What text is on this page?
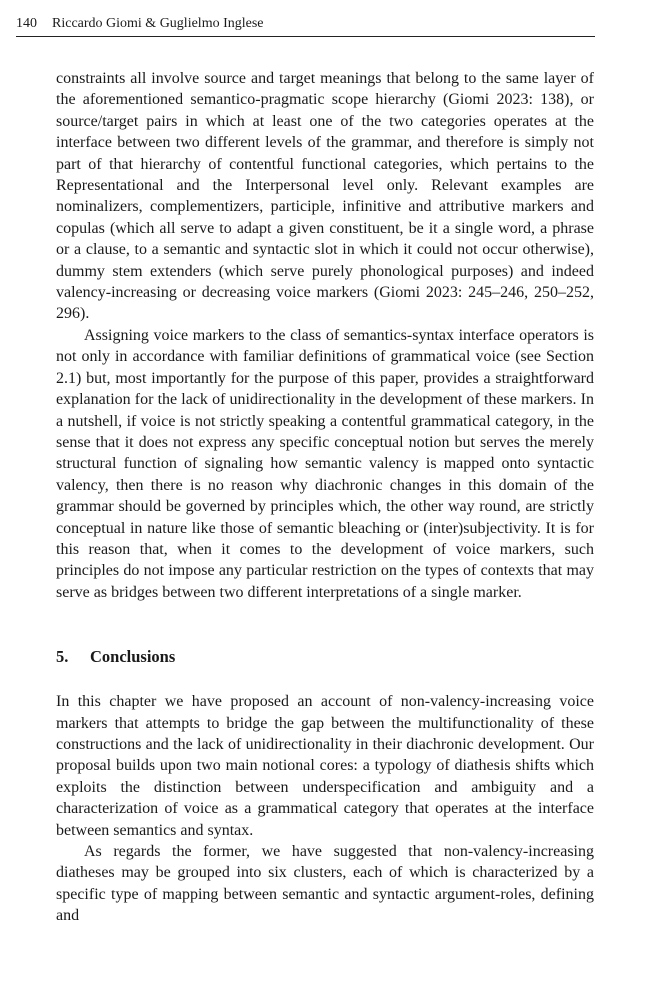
140 Riccardo Giomi & Guglielmo Inglese

constraints all involve source and target meanings that belong to the same layer of the aforementioned semantico-pragmatic scope hierarchy (Giomi 2023: 138), or source/target pairs in which at least one of the two categories operates at the interface between two different levels of the grammar, and therefore is simply not part of that hierarchy of contentful functional categories, which pertains to the Representational and the Interpersonal level only. Relevant examples are nominalizers, complementizers, participle, infinitive and attributive markers and copulas (which all serve to adapt a given constituent, be it a single word, a phrase or a clause, to a semantic and syntactic slot in which it could not occur otherwise), dummy stem extenders (which serve purely phonological purposes) and indeed valency-increasing or decreasing voice markers (Giomi 2023: 245–246, 250–252, 296).

Assigning voice markers to the class of semantics-syntax interface operators is not only in accordance with familiar definitions of grammatical voice (see Section 2.1) but, most importantly for the purpose of this paper, provides a straightforward explanation for the lack of unidirectionality in the development of these markers. In a nutshell, if voice is not strictly speaking a contentful grammatical category, in the sense that it does not express any specific conceptual notion but serves the merely structural function of signaling how semantic valency is mapped onto syntactic valency, then there is no reason why diachronic changes in this domain of the grammar should be governed by principles which, the other way round, are strictly conceptual in nature like those of semantic bleaching or (inter)subjectivity. It is for this reason that, when it comes to the development of voice markers, such principles do not impose any particular restriction on the types of contexts that may serve as bridges between two different interpretations of a single marker.

5. Conclusions

In this chapter we have proposed an account of non-valency-increasing voice markers that attempts to bridge the gap between the multifunctionality of these constructions and the lack of unidirectionality in their diachronic development. Our proposal builds upon two main notional cores: a typology of diathesis shifts which exploits the distinction between underspecification and ambiguity and a characterization of voice as a grammatical category that operates at the interface between semantics and syntax.

As regards the former, we have suggested that non-valency-increasing diatheses may be grouped into six clusters, each of which is characterized by a specific type of mapping between semantic and syntactic argument-roles, defining and
